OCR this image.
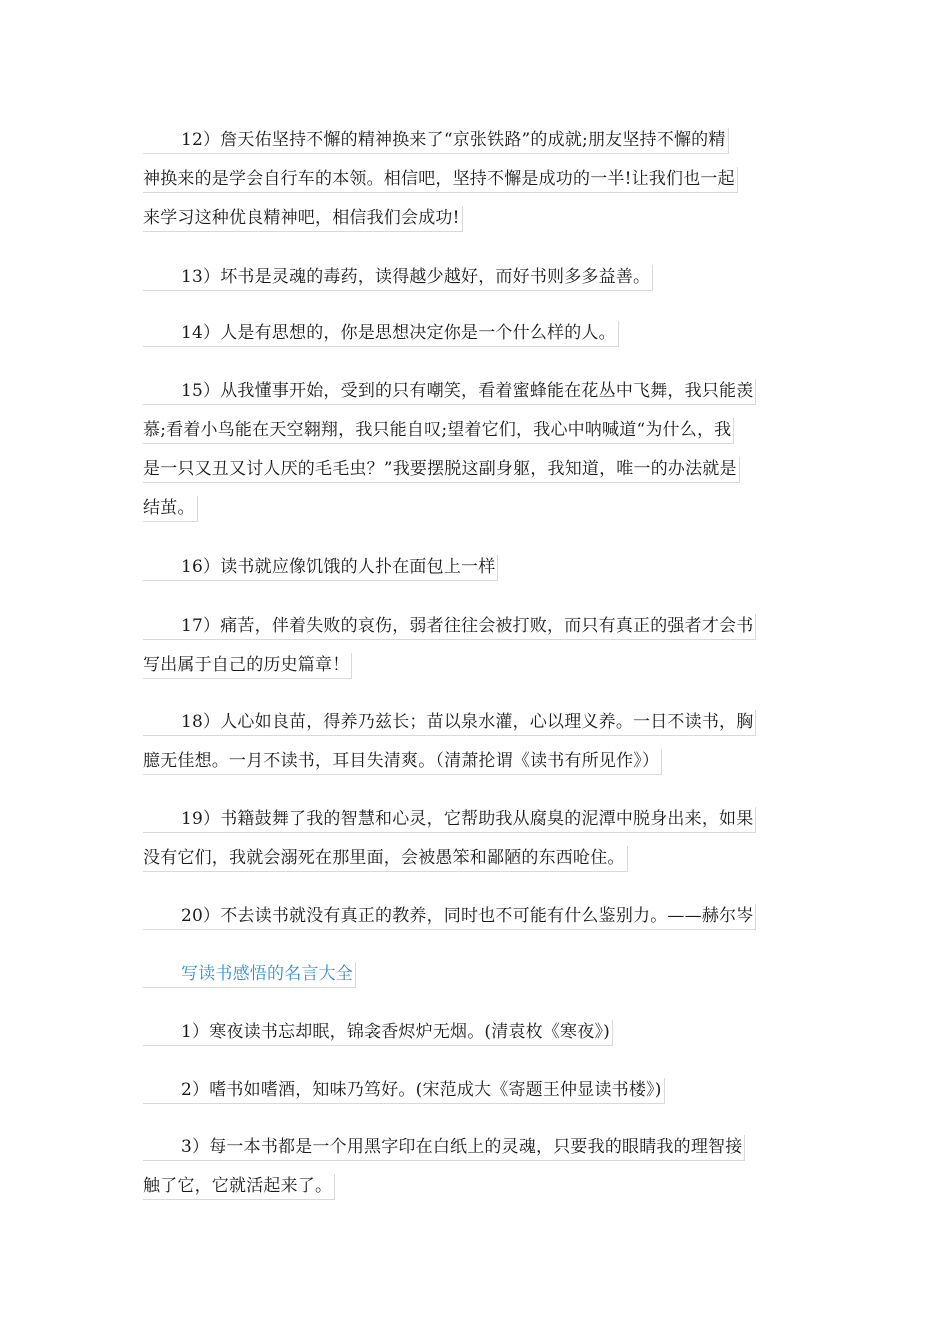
12）詹天佑坚持不懈的精神换来了“京张铁路”的成就;朋友坚持不懈的精
神换来的是学会自行车的本领。相信吧，坚持不懈是成功的一半!让我们也一起
来学习这种优良精神吧，相信我们会成功!
13）坏书是灵魂的毒药，读得越少越好，而好书则多多益善。
14）人是有思想的，你是思想决定你是一个什么样的人。
15）从我懂事开始，受到的只有嘲笑，看着蜜蜂能在花丛中飞舞，我只能羡
慕;看着小鸟能在天空翱翔，我只能自叹;望着它们，我心中呐喊道“为什么，我
是一只又丑又讨人厌的毛毛虫？”我要摆脱这副身躯，我知道，唯一的办法就是
结茧。
16）读书就应像饥饿的人扑在面包上一样
17）痛苦，伴着失败的哀伤，弱者往往会被打败，而只有真正的强者才会书
写出属于自己的历史篇章！
18）人心如良苗，得养乃兹长；苗以泉水灌，心以理义养。一日不读书，胸
臆无佳想。一月不读书，耳目失清爽。（清萧抡谓《读书有所见作》）
19）书籍鼓舞了我的智慧和心灵，它帮助我从腐臭的泥潭中脱身出来，如果
没有它们，我就会溺死在那里面，会被愚笨和鄙陋的东西呛住。
20）不去读书就没有真正的教养，同时也不可能有什么鉴别力。——赫尔岑
写读书感悟的名言大全
1）寒夜读书忘却眠，锦衾香烬炉无烟。(清袁枚《寒夜》)
2）嗜书如嗜酒，知味乃笃好。(宋范成大《寄题王仲显读书楼》)
3）每一本书都是一个用黑字印在白纸上的灵魂，只要我的眼睛我的理智接
触了它，它就活起来了。
